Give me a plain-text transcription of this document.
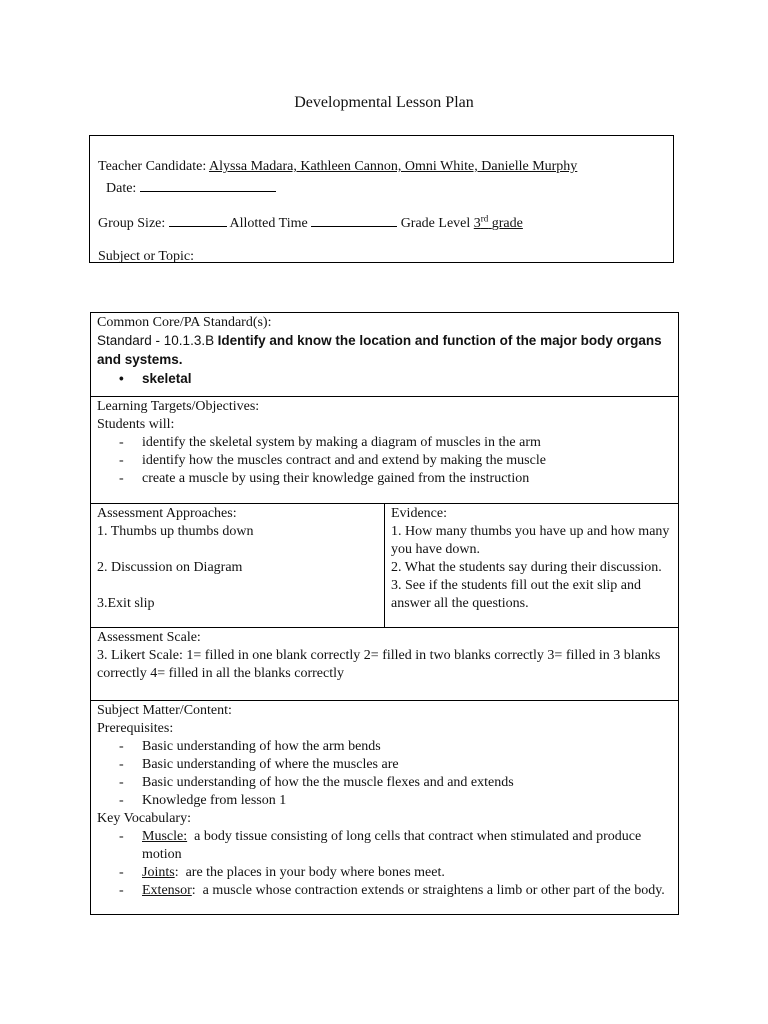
Developmental Lesson Plan
Teacher Candidate: Alyssa Madara, Kathleen Cannon, Omni White, Danielle Murphy
Date:
Group Size:	Allotted Time	Grade Level 3rd grade
Subject or Topic:
Common Core/PA Standard(s):
Standard - 10.1.3.B Identify and know the location and function of the major body organs and systems.
• skeletal

Learning Targets/Objectives:
Students will:
- identify the skeletal system by making a diagram of muscles in the arm
- identify how the muscles contract and and extend by making the muscle
- create a muscle by using their knowledge gained from the instruction

Assessment Approaches:
1. Thumbs up thumbs down
2. Discussion on Diagram
3.Exit slip

Evidence:
1. How many thumbs you have up and how many you have down.
2. What the students say during their discussion.
3. See if the students fill out the exit slip and answer all the questions.

Assessment Scale:
3. Likert Scale: 1= filled in one blank correctly 2= filled in two blanks correctly 3= filled in 3 blanks correctly 4= filled in all the blanks correctly

Subject Matter/Content:
Prerequisites:
- Basic understanding of how the arm bends
- Basic understanding of where the muscles are
- Basic understanding of how the the muscle flexes and and extends
- Knowledge from lesson 1
Key Vocabulary:
- Muscle:  a body tissue consisting of long cells that contract when stimulated and produce motion
- Joints:  are the places in your body where bones meet.
- Extensor:  a muscle whose contraction extends or straightens a limb or other part of the body.
